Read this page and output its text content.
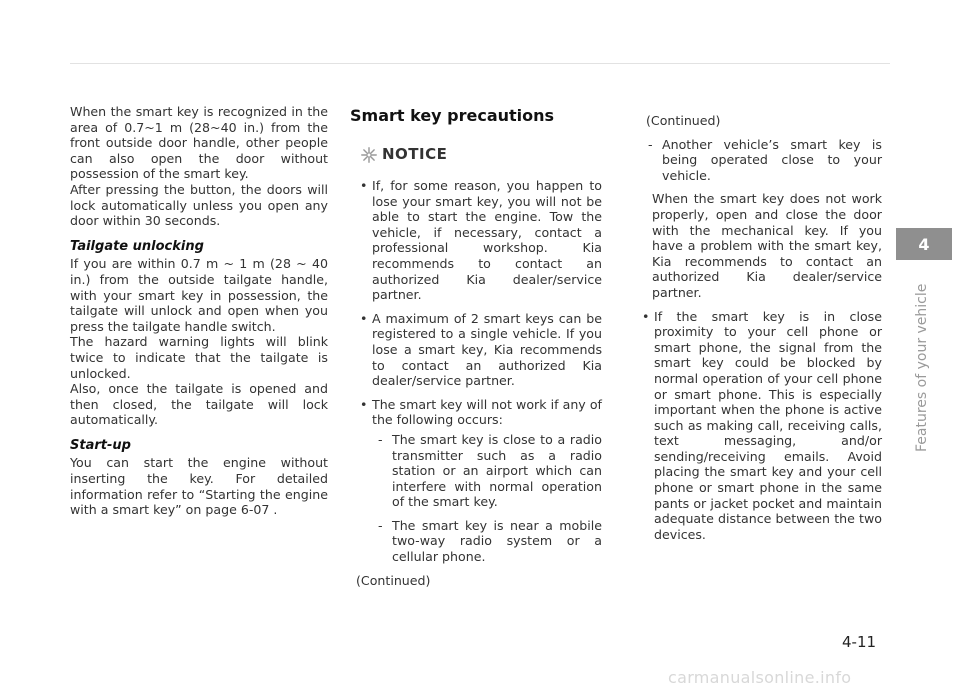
When the smart key is recognized in the area of 0.7~1 m (28~40 in.) from the front outside door handle, other people can also open the door without possession of the smart key.

After pressing the button, the doors will lock automatically unless you open any door within 30 seconds.

Tailgate unlocking

If you are within 0.7 m ~ 1 m (28 ~ 40 in.) from the outside tailgate handle, with your smart key in possession, the tailgate will unlock and open when you press the tailgate handle switch.

The hazard warning lights will blink twice to indicate that the tailgate is unlocked.

Also, once the tailgate is opened and then closed, the tailgate will lock automatically.

Start-up

You can start the engine without inserting the key. For detailed information refer to “Starting the engine with a smart key” on page 6-07 .

Smart key precautions
NOTICE
• If, for some reason, you happen to lose your smart key, you will not be able to start the engine. Tow the vehicle, if necessary, contact a professional workshop. Kia recommends to contact an authorized Kia dealer/service partner.

• A maximum of 2 smart keys can be registered to a single vehicle. If you lose a smart key, Kia recommends to contact an authorized Kia dealer/service partner.

• The smart key will not work if any of the following occurs:

- The smart key is close to a radio transmitter such as a radio station or an airport which can interfere with normal operation of the smart key.

- The smart key is near a mobile two-way radio system or a cellular phone.

(Continued)
(Continued)
- Another vehicle’s smart key is being operated close to your vehicle.

When the smart key does not work properly, open and close the door with the mechanical key. If you have a problem with the smart key, Kia recommends to contact an authorized Kia dealer/service partner.

• If the smart key is in close proximity to your cell phone or smart phone, the signal from the smart key could be blocked by normal operation of your cell phone or smart phone. This is especially important when the phone is active such as making call, receiving calls, text messaging, and/or sending/receiving emails. Avoid placing the smart key and your cell phone or smart phone in the same pants or jacket pocket and maintain adequate distance between the two devices.

4
Features of your vehicle
4-11
carmanualsonline.info
